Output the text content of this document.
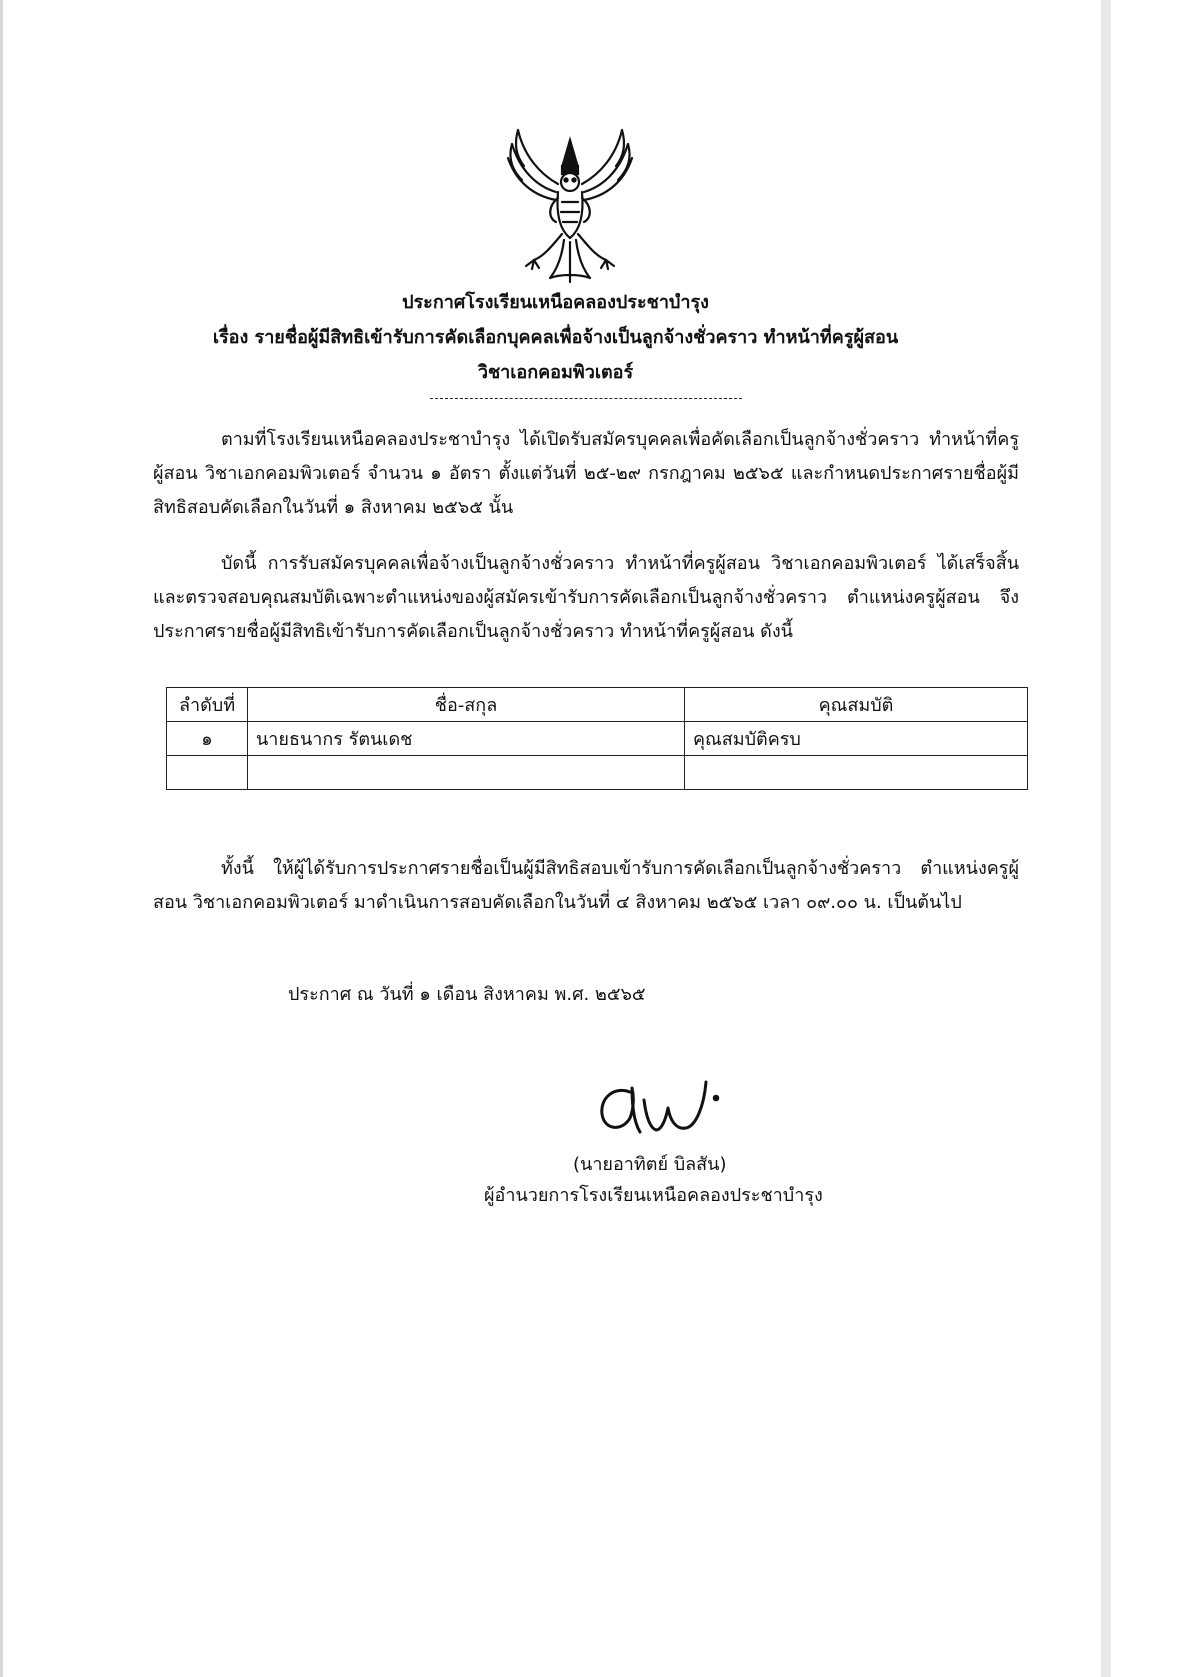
ประกาศโรงเรียนเหนือคลองประชาบำรุง
เรื่อง รายชื่อผู้มีสิทธิเข้ารับการคัดเลือกบุคคลเพื่อจ้างเป็นลูกจ้างชั่วคราว ทำหน้าที่ครูผู้สอน
วิชาเอกคอมพิวเตอร์

ตามที่โรงเรียนเหนือคลองประชาบำรุง ได้เปิดรับสมัครบุคคลเพื่อคัดเลือกเป็นลูกจ้างชั่วคราว ทำหน้าที่ครูผู้สอน วิชาเอกคอมพิวเตอร์ จำนวน ๑ อัตรา ตั้งแต่วันที่ ๒๕-๒๙ กรกฎาคม ๒๕๖๕ และกำหนดประกาศรายชื่อผู้มีสิทธิสอบคัดเลือกในวันที่ ๑ สิงหาคม ๒๕๖๕ นั้น

บัดนี้ การรับสมัครบุคคลเพื่อจ้างเป็นลูกจ้างชั่วคราว ทำหน้าที่ครูผู้สอน วิชาเอกคอมพิวเตอร์ ได้เสร็จสิ้นและตรวจสอบคุณสมบัติเฉพาะตำแหน่งของผู้สมัครเข้ารับการคัดเลือกเป็นลูกจ้างชั่วคราว ตำแหน่งครูผู้สอน จึงประกาศรายชื่อผู้มีสิทธิเข้ารับการคัดเลือกเป็นลูกจ้างชั่วคราว ทำหน้าที่ครูผู้สอน ดังนี้

ลำดับที่	ชื่อ-สกุล	คุณสมบัติ
๑	นายธนากร รัตนเดช	คุณสมบัติครบ

ทั้งนี้ ให้ผู้ได้รับการประกาศรายชื่อเป็นผู้มีสิทธิสอบเข้ารับการคัดเลือกเป็นลูกจ้างชั่วคราว ตำแหน่งครูผู้สอน วิชาเอกคอมพิวเตอร์ มาดำเนินการสอบคัดเลือกในวันที่ ๔ สิงหาคม ๒๕๖๕ เวลา ๐๙.๐๐ น. เป็นต้นไป

ประกาศ ณ วันที่ ๑ เดือน สิงหาคม พ.ศ. ๒๕๖๕
(นายอาทิตย์ บิลสัน)
ผู้อำนวยการโรงเรียนเหนือคลองประชาบำรุง
